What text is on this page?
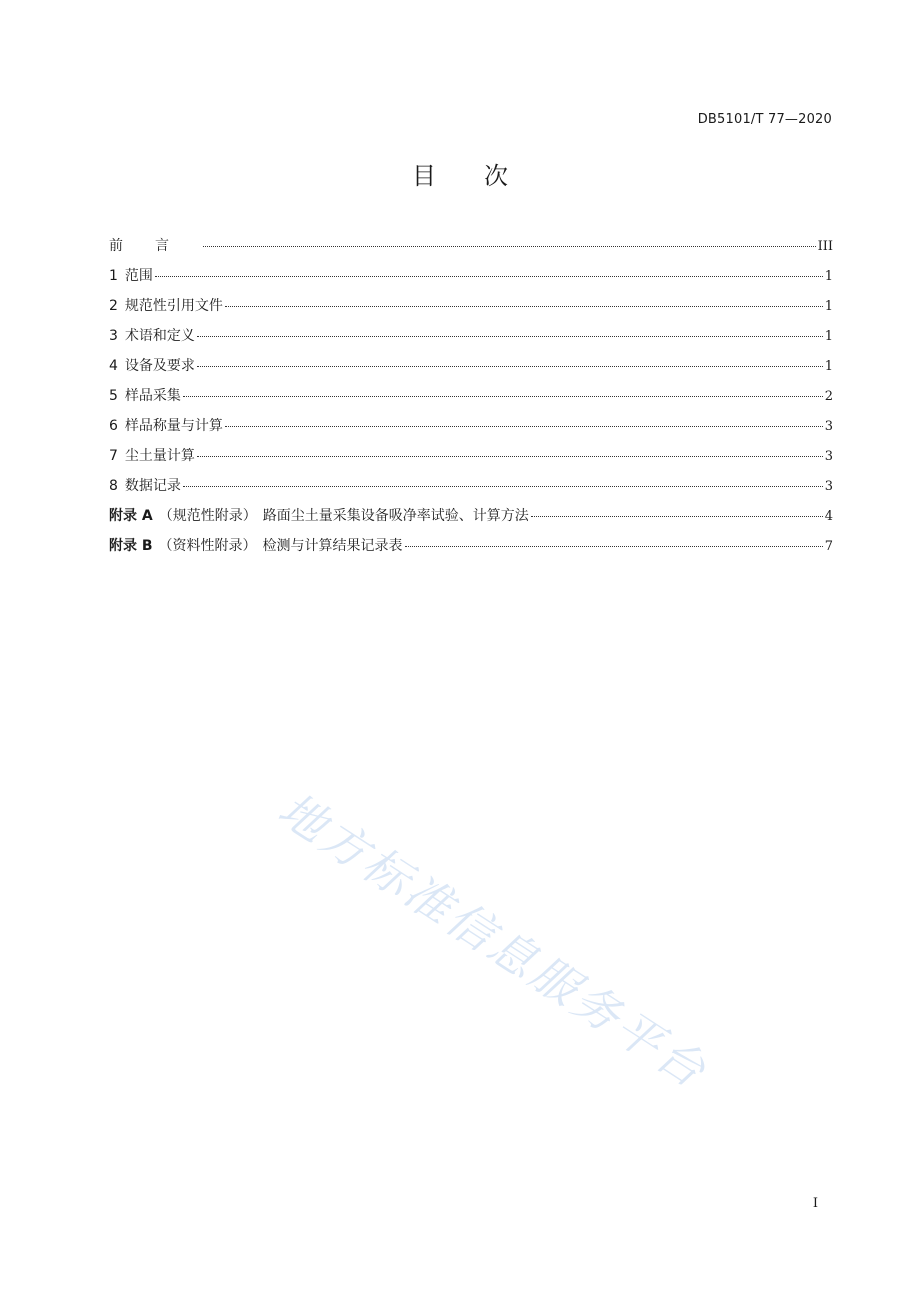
DB5101/T 77—2020
目次
前言	III
1 范围	1
2 规范性引用文件	1
3 术语和定义	1
4 设备及要求	1
5 样品采集	2
6 样品称量与计算	3
7 尘土量计算	3
8 数据记录	3
附录 A （规范性附录） 路面尘土量采集设备吸净率试验、计算方法	4
附录 B （资料性附录） 检测与计算结果记录表	7
地方标准信息服务平台
I
